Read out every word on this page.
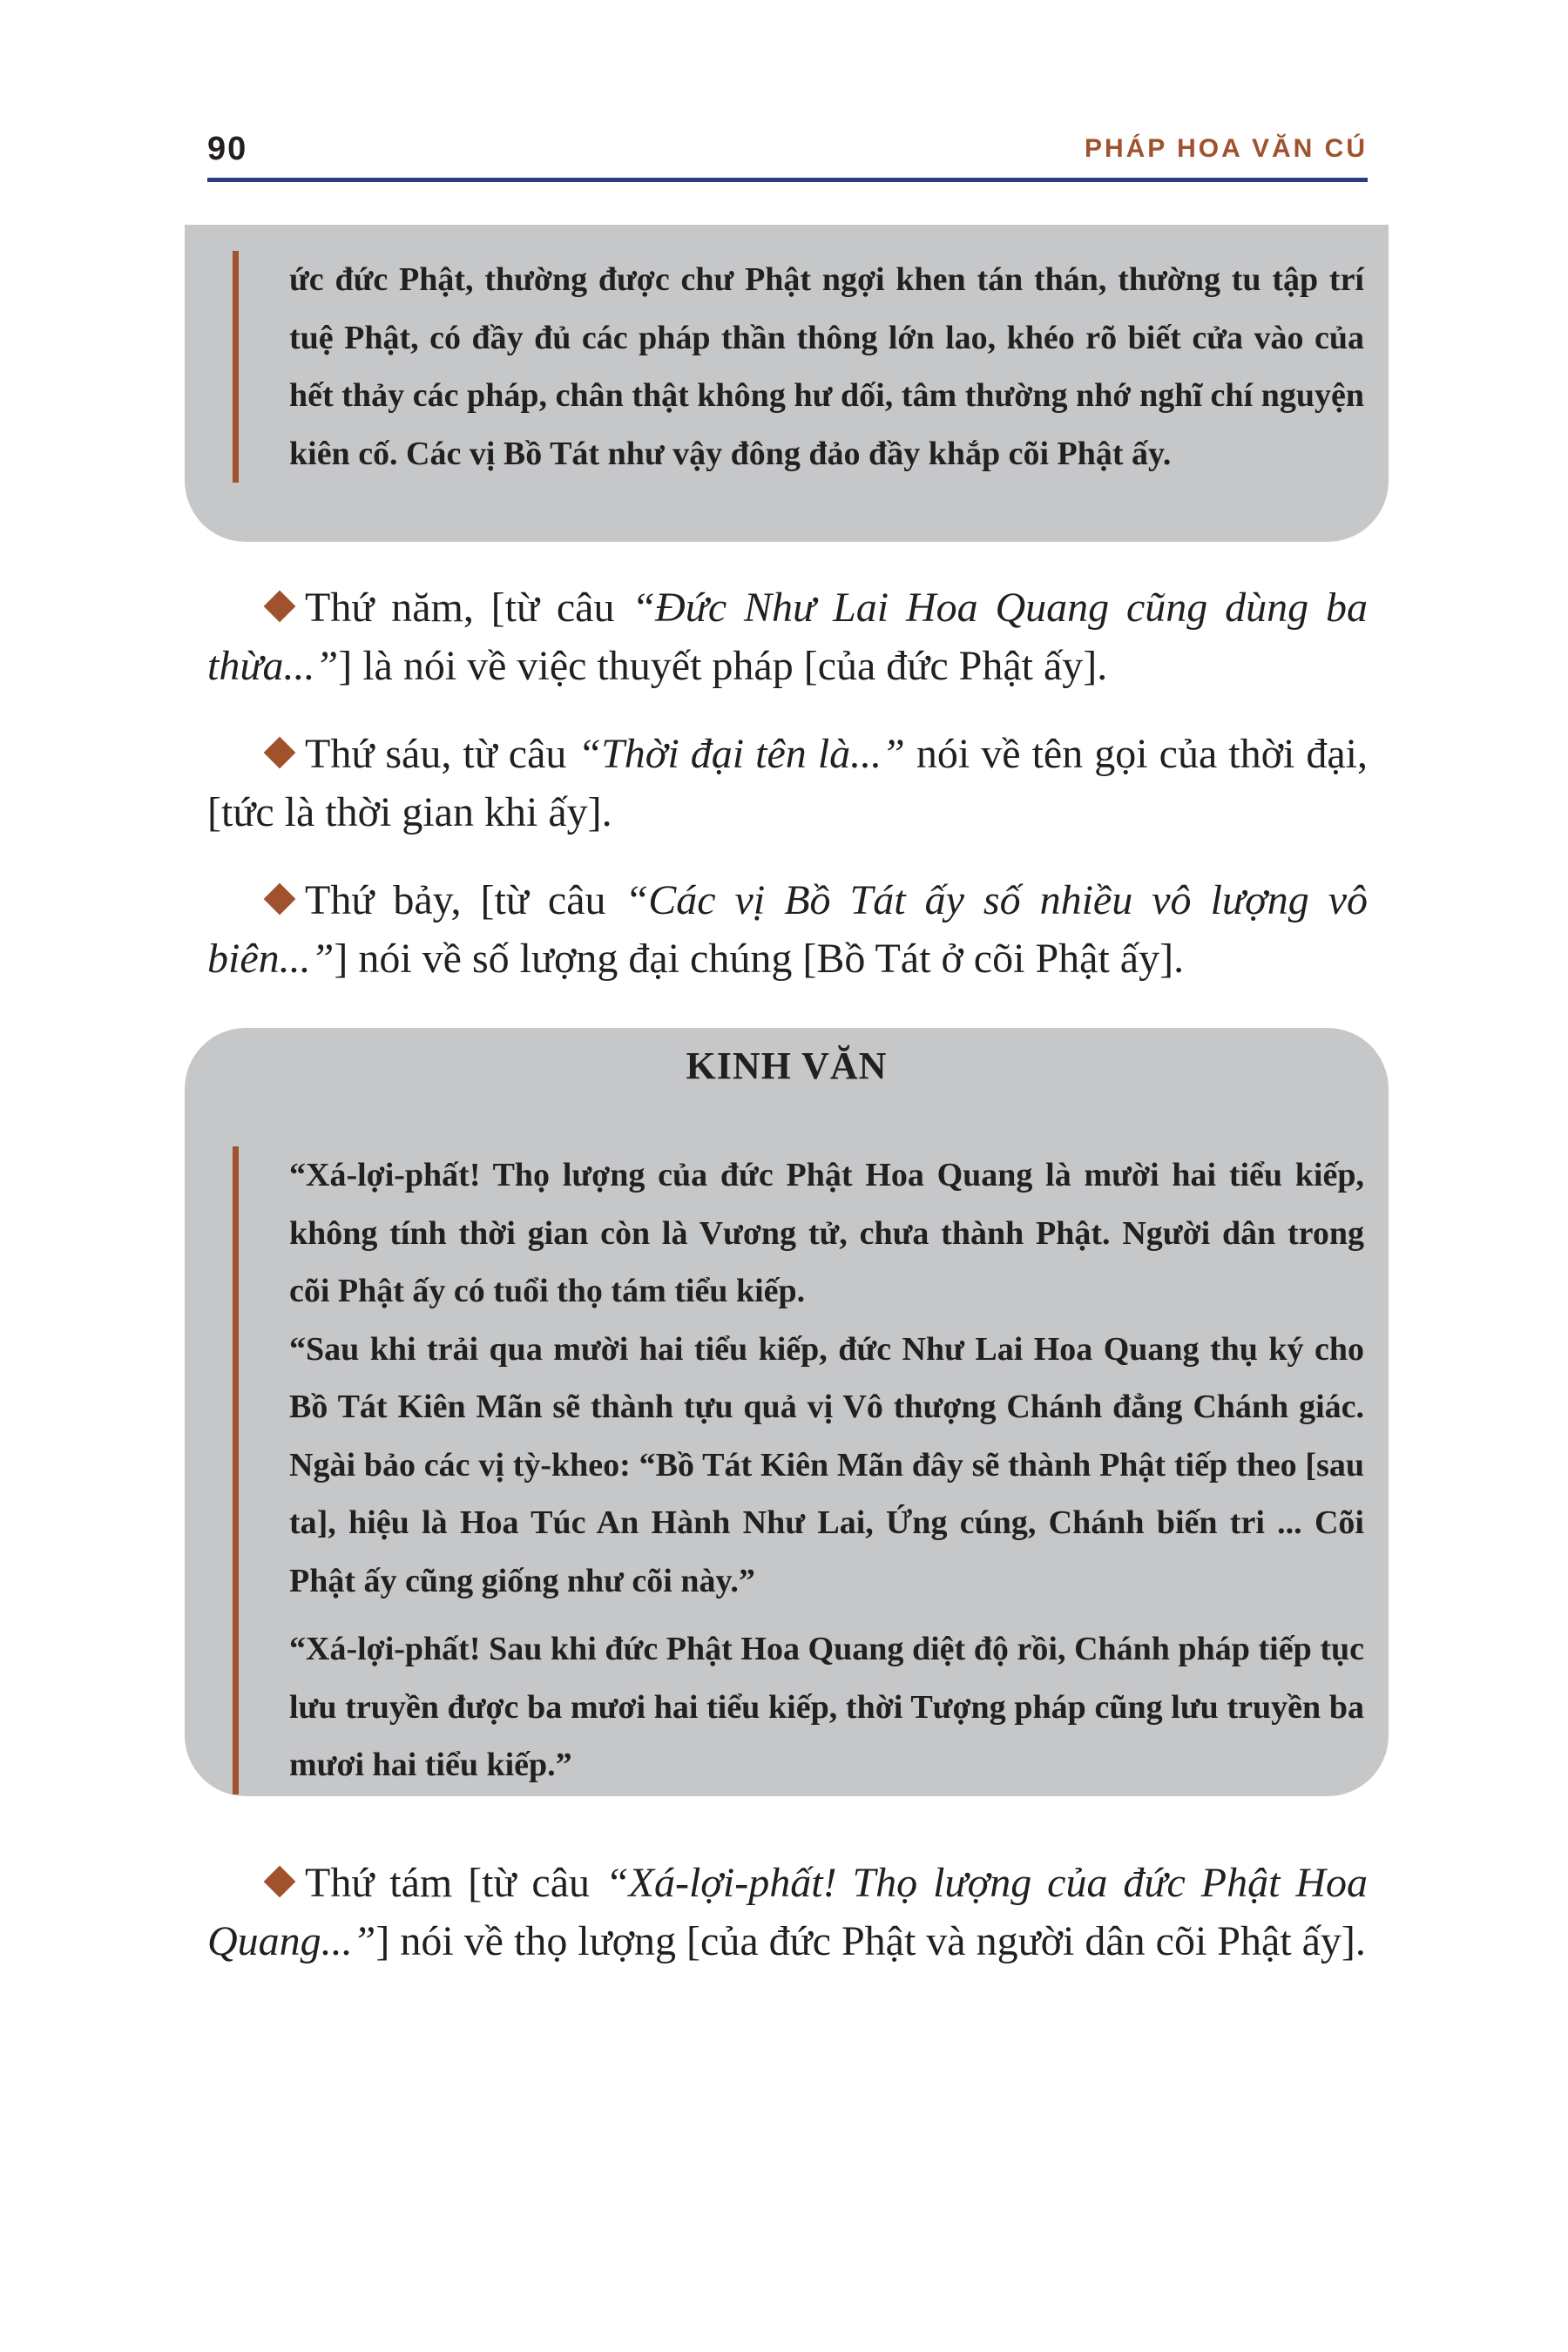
90	PHÁP HOA VĂN CÚ
ức đức Phật, thường được chư Phật ngợi khen tán thán, thường tu tập trí tuệ Phật, có đầy đủ các pháp thần thông lớn lao, khéo rõ biết cửa vào của hết thảy các pháp, chân thật không hư dối, tâm thường nhớ nghĩ chí nguyện kiên cố. Các vị Bồ Tát như vậy đông đảo đầy khắp cõi Phật ấy.
Thứ năm, [từ câu “Đức Như Lai Hoa Quang cũng dùng ba thừa...”] là nói về việc thuyết pháp [của đức Phật ấy].
Thứ sáu, từ câu “Thời đại tên là...” nói về tên gọi của thời đại, [tức là thời gian khi ấy].
Thứ bảy, [từ câu “Các vị Bồ Tát ấy số nhiều vô lượng vô biên...”] nói về số lượng đại chúng [Bồ Tát ở cõi Phật ấy].
KINH VĂN

“Xá-lợi-phất! Thọ lượng của đức Phật Hoa Quang là mười hai tiểu kiếp, không tính thời gian còn là Vương tử, chưa thành Phật. Người dân trong cõi Phật ấy có tuổi thọ tám tiểu kiếp.

“Sau khi trải qua mười hai tiểu kiếp, đức Như Lai Hoa Quang thụ ký cho Bồ Tát Kiên Mãn sẽ thành tựu quả vị Vô thượng Chánh đẳng Chánh giác. Ngài bảo các vị tỳ-kheo: “Bồ Tát Kiên Mãn đây sẽ thành Phật tiếp theo [sau ta], hiệu là Hoa Túc An Hành Như Lai, Ứng cúng, Chánh biến tri ... Cõi Phật ấy cũng giống như cõi này.”

“Xá-lợi-phất! Sau khi đức Phật Hoa Quang diệt độ rồi, Chánh pháp tiếp tục lưu truyền được ba mươi hai tiểu kiếp, thời Tượng pháp cũng lưu truyền ba mươi hai tiểu kiếp.”

Thứ tám [từ câu “Xá-lợi-phất! Thọ lượng của đức Phật Hoa Quang...”] nói về thọ lượng [của đức Phật và người dân cõi Phật ấy].
